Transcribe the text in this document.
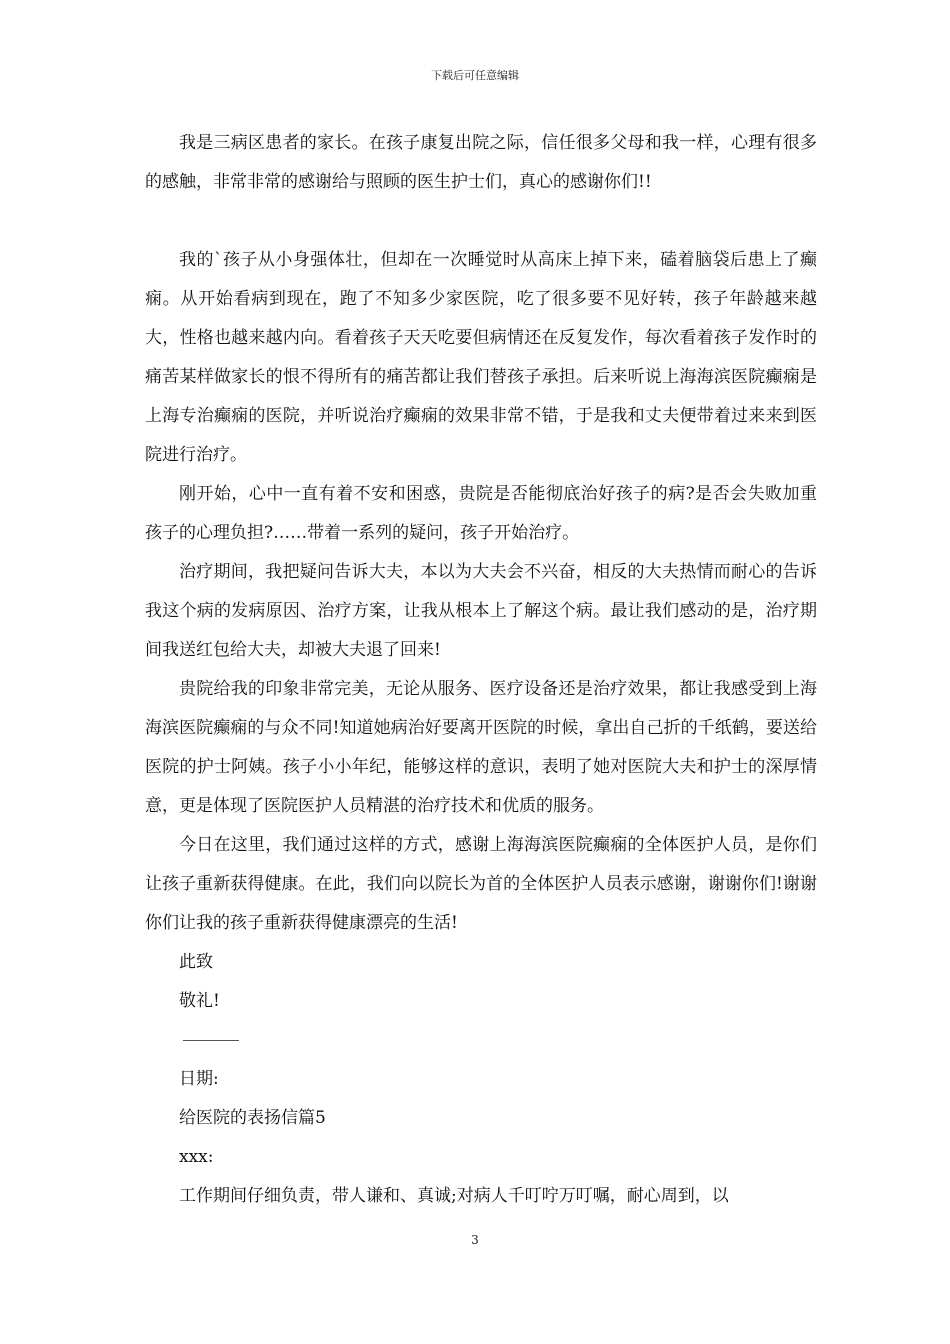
下载后可任意编辑

我是三病区患者的家长。在孩子康复出院之际，信任很多父母和我一样，心理有很多的感触，非常非常的感谢给与照顾的医生护士们，真心的感谢你们!!

我的`孩子从小身强体壮，但却在一次睡觉时从高床上掉下来，磕着脑袋后患上了癫痫。从开始看病到现在，跑了不知多少家医院，吃了很多要不见好转，孩子年龄越来越大，性格也越来越内向。看着孩子天天吃要但病情还在反复发作，每次看着孩子发作时的痛苦某样做家长的恨不得所有的痛苦都让我们替孩子承担。后来听说上海海滨医院癫痫是上海专治癫痫的医院，并听说治疗癫痫的效果非常不错，于是我和丈夫便带着过来来到医院进行治疗。

刚开始，心中一直有着不安和困惑，贵院是否能彻底治好孩子的病?是否会失败加重孩子的心理负担?……带着一系列的疑问，孩子开始治疗。

治疗期间，我把疑问告诉大夫，本以为大夫会不兴奋，相反的大夫热情而耐心的告诉我这个病的发病原因、治疗方案，让我从根本上了解这个病。最让我们感动的是，治疗期间我送红包给大夫，却被大夫退了回来!

贵院给我的印象非常完美，无论从服务、医疗设备还是治疗效果，都让我感受到上海海滨医院癫痫的与众不同!知道她病治好要离开医院的时候，拿出自己折的千纸鹤，要送给医院的护士阿姨。孩子小小年纪，能够这样的意识，表明了她对医院大夫和护士的深厚情意，更是体现了医院医护人员精湛的治疗技术和优质的服务。

今日在这里，我们通过这样的方式，感谢上海海滨医院癫痫的全体医护人员，是你们让孩子重新获得健康。在此，我们向以院长为首的全体医护人员表示感谢，谢谢你们!谢谢你们让我的孩子重新获得健康漂亮的生活!

此致

敬礼!

日期:

给医院的表扬信篇5

xxx:

工作期间仔细负责，带人谦和、真诚;对病人千叮咛万叮嘱，耐心周到，以

3
